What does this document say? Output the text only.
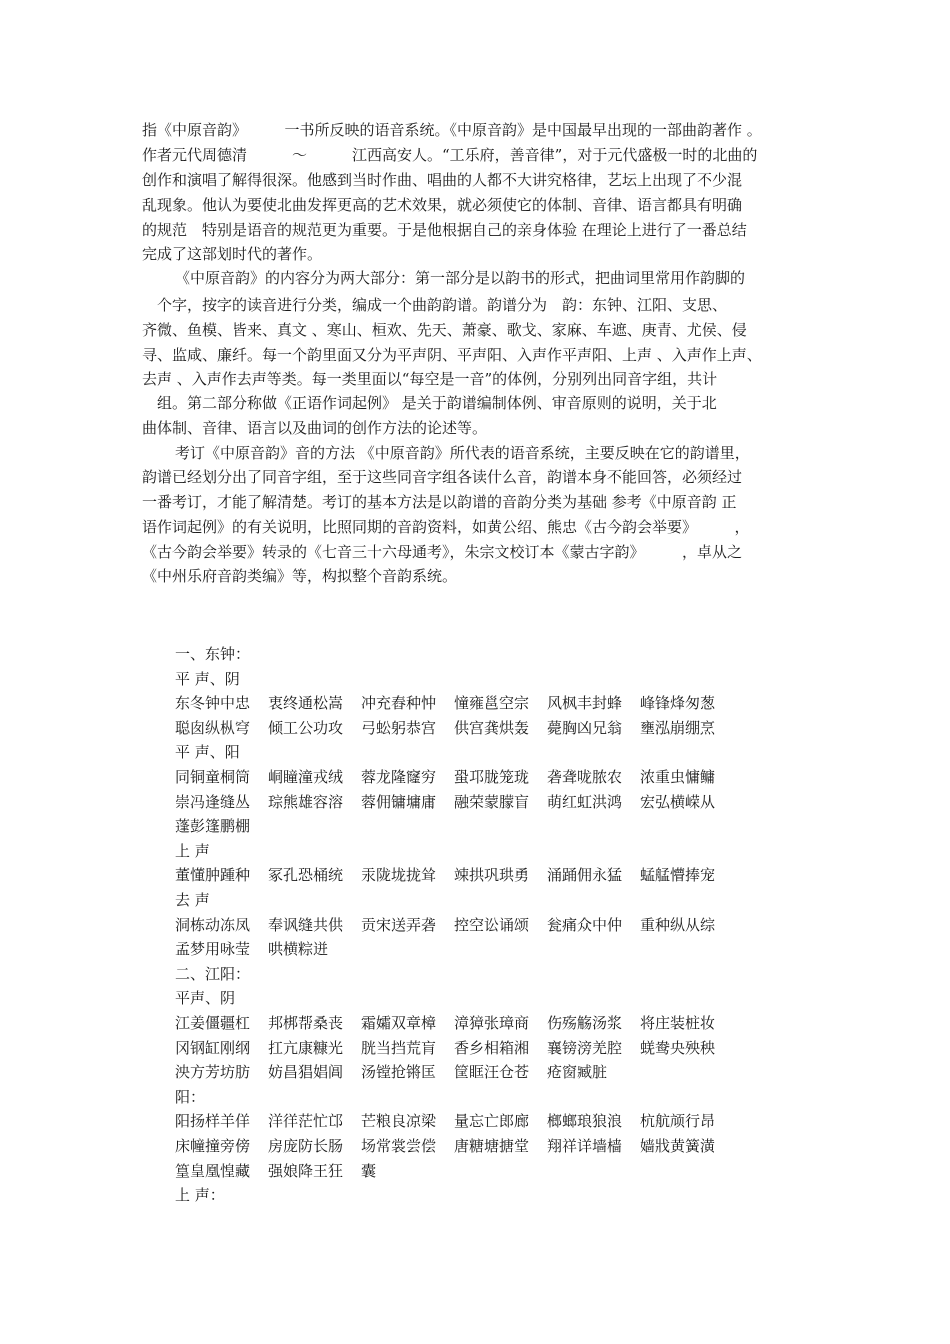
指《中原音韵》　　　一书所反映的语音系统。《中原音韵》是中国最早出现的一部曲韵著作 。
作者元代周德清　　　～　　　江西高安人。“工乐府，善音律”，对于元代盛极一时的北曲的
创作和演唱了解得很深。他感到当时作曲、唱曲的人都不大讲究格律，艺坛上出现了不少混
乱现象。他认为要使北曲发挥更高的艺术效果，就必须使它的体制、音律、语言都具有明确
的规范　特别是语音的规范更为重要。于是他根据自己的亲身体验 在理论上进行了一番总结
完成了这部划时代的著作。
《中原音韵》的内容分为两大部分：第一部分是以韵书的形式，把曲词里常用作韵脚的
　个字，按字的读音进行分类，编成一个曲韵韵谱。韵谱分为　韵：东钟、江阳、支思、
齐微、鱼模、皆来、真文 、寒山、桓欢、先天、萧豪、歌戈、家麻、车遮、庚青、尤侯、侵
寻、监咸、廉纤。每一个韵里面又分为平声阴、平声阳、入声作平声阳、上声 、入声作上声、
去声 、入声作去声等类。每一类里面以“每空是一音”的体例，分别列出同音字组，共计
　组。第二部分称做《正语作词起例》 是关于韵谱编制体例、审音原则的说明，关于北
曲体制、音律、语言以及曲词的创作方法的论述等。
考订《中原音韵》音的方法 《中原音韵》所代表的语音系统，主要反映在它的韵谱里，
韵谱已经划分出了同音字组，至于这些同音字组各读什么音，韵谱本身不能回答，必须经过
一番考订，才能了解清楚。考订的基本方法是以韵谱的音韵分类为基础 参考《中原音韵 正
语作词起例》的有关说明，比照同期的音韵资料，如黄公绍、熊忠《古今韵会举要》　　　，
《古今韵会举要》转录的《七音三十六母通考》，朱宗文校订本《蒙古字韵》　　　，卓从之
《中州乐府音韵类编》等，构拟整个音韵系统。
一、东钟：
平 声、阴
东冬钟中忠 衷终通松嵩 冲充舂种忡 憧雍邕空宗 风枫丰封蜂 峰锋烽匆葱
聪囱纵枞穹 倾工公功攻 弓蚣躬恭宫 供宫龚烘轰 薨胸凶兄翁 壅泓崩绷烹
平 声、阳
同铜童桐筒 峒瞳潼戎绒 蓉龙隆窿穷 蛩邛胧笼珑 砻聋咙脓农 浓重虫慵鳙
崇冯逢缝丛 琮熊雄容溶 蓉佣镛墉庸 融荣蒙朦盲 萌红虹洪鸿 宏弘横嵘从
蓬彭篷鹏棚
上 声
董懂肿踵种 冢孔恐桶统 汞陇垅拢耸 竦拱巩珙勇 涌踊佣永猛 蜢艋懵捧宠
去 声
洞栋动冻凤 奉讽缝共供 贡宋送弄砻 控空讼诵颂 瓮痛众中仲 重种纵从综
孟梦用咏莹 哄横粽迸
二、江阳：
平声、阴
江姜僵疆杠 邦梆帮桑丧 霜孀双章樟 漳獐张璋商 伤殇觞汤浆 将庄装桩妆
冈钢缸刚纲 扛亢康糠光 胱当挡荒肓 香乡相箱湘 襄镑滂羌腔 蜣鸯央殃秧
泱方芳坊肪 妨昌猖娼阊 汤镗抢锵匡 筐眶汪仓苍 疮窗臧脏
阳：
阳扬样羊佯 洋徉茫忙邙 芒粮良凉梁 量忘亡郎廊 榔螂琅狼浪 杭航颃行昂
床幢撞旁傍 房庞防长肠 场常裳尝偿 唐糖塘搪堂 翔祥详墙樯 嫱戕黄簧潢
篁皇凰惶藏 强娘降王狂 囊
上 声：
